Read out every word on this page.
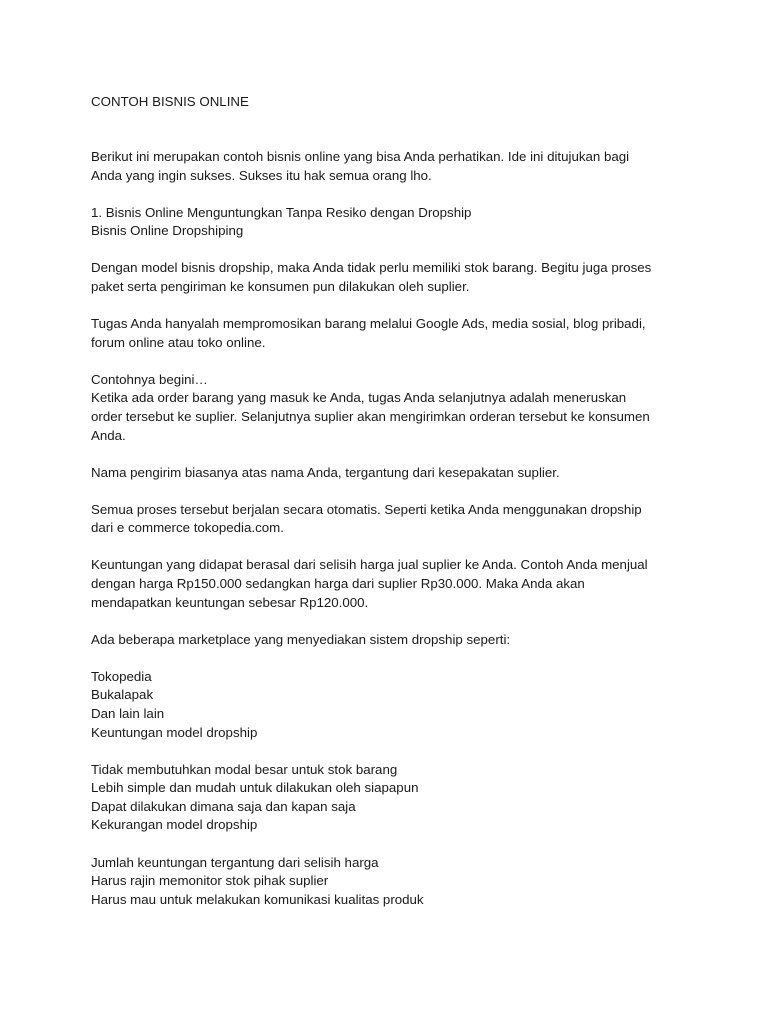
CONTOH BISNIS ONLINE

Berikut ini merupakan contoh bisnis online yang bisa Anda perhatikan. Ide ini ditujukan bagi
Anda yang ingin sukses. Sukses itu hak semua orang lho.

1. Bisnis Online Menguntungkan Tanpa Resiko dengan Dropship
Bisnis Online Dropshiping

Dengan model bisnis dropship, maka Anda tidak perlu memiliki stok barang. Begitu juga proses
paket serta pengiriman ke konsumen pun dilakukan oleh suplier.

Tugas Anda hanyalah mempromosikan barang melalui Google Ads, media sosial, blog pribadi,
forum online atau toko online.

Contohnya begini…
Ketika ada order barang yang masuk ke Anda, tugas Anda selanjutnya adalah meneruskan
order tersebut ke suplier. Selanjutnya suplier akan mengirimkan orderan tersebut ke konsumen
Anda.

Nama pengirim biasanya atas nama Anda, tergantung dari kesepakatan suplier.

Semua proses tersebut berjalan secara otomatis. Seperti ketika Anda menggunakan dropship
dari e commerce tokopedia.com.

Keuntungan yang didapat berasal dari selisih harga jual suplier ke Anda. Contoh Anda menjual
dengan harga Rp150.000 sedangkan harga dari suplier Rp30.000. Maka Anda akan
mendapatkan keuntungan sebesar Rp120.000.

Ada beberapa marketplace yang menyediakan sistem dropship seperti:

Tokopedia
Bukalapak
Dan lain lain
Keuntungan model dropship

Tidak membutuhkan modal besar untuk stok barang
Lebih simple dan mudah untuk dilakukan oleh siapapun
Dapat dilakukan dimana saja dan kapan saja
Kekurangan model dropship

Jumlah keuntungan tergantung dari selisih harga
Harus rajin memonitor stok pihak suplier
Harus mau untuk melakukan komunikasi kualitas produk
